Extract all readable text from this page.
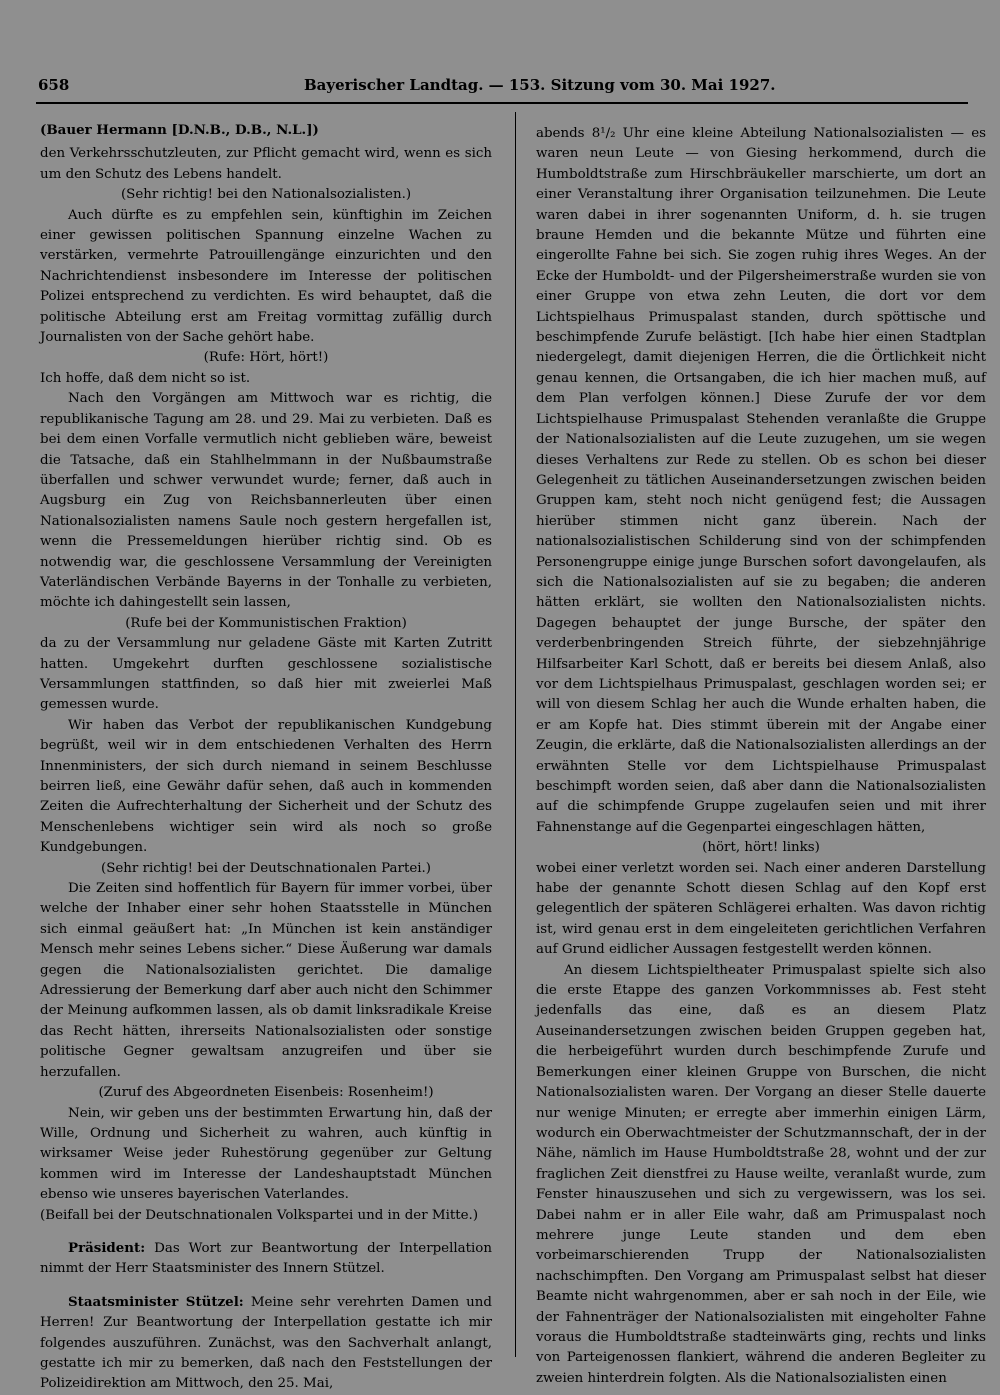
658	Bayerischer Landtag. — 153. Sitzung vom 30. Mai 1927.

(Bauer Hermann [D.N.B., D.B., N.L.])

den Verkehrsschutzleuten, zur Pflicht gemacht wird, wenn es sich um den Schutz des Lebens handelt.

(Sehr richtig! bei den Nationalsozialisten.)

Auch dürfte es zu empfehlen sein, künftighin im Zeichen einer gewissen politischen Spannung einzelne Wachen zu verstärken, vermehrte Patrouillengänge einzurichten und den Nachrichtendienst insbesondere im Interesse der politischen Polizei entsprechend zu verdichten. Es wird behauptet, daß die politische Abteilung erst am Freitag vormittag zufällig durch Journalisten von der Sache gehört habe.

(Rufe: Hört, hört!)

Ich hoffe, daß dem nicht so ist.

Nach den Vorgängen am Mittwoch war es richtig, die republikanische Tagung am 28. und 29. Mai zu verbieten. Daß es bei dem einen Vorfalle vermutlich nicht geblieben wäre, beweist die Tatsache, daß ein Stahlhelmmann in der Nußbaumstraße überfallen und schwer verwundet wurde; ferner, daß auch in Augsburg ein Zug von Reichsbannerleuten über einen Nationalsozialisten namens Saule noch gestern hergefallen ist, wenn die Pressemeldungen hierüber richtig sind. Ob es notwendig war, die geschlossene Versammlung der Vereinigten Vaterländischen Verbände Bayerns in der Tonhalle zu verbieten, möchte ich dahingestellt sein lassen,

(Rufe bei der Kommunistischen Fraktion)

da zu der Versammlung nur geladene Gäste mit Karten Zutritt hatten. Umgekehrt durften geschlossene sozialistische Versammlungen stattfinden, so daß hier mit zweierlei Maß gemessen wurde.

Wir haben das Verbot der republikanischen Kundgebung begrüßt, weil wir in dem entschiedenen Verhalten des Herrn Innenministers, der sich durch niemand in seinem Beschlusse beirren ließ, eine Gewähr dafür sehen, daß auch in kommenden Zeiten die Aufrechterhaltung der Sicherheit und der Schutz des Menschenlebens wichtiger sein wird als noch so große Kundgebungen.

(Sehr richtig! bei der Deutschnationalen Partei.)

Die Zeiten sind hoffentlich für Bayern für immer vorbei, über welche der Inhaber einer sehr hohen Staatsstelle in München sich einmal geäußert hat: „In München ist kein anständiger Mensch mehr seines Lebens sicher.“ Diese Äußerung war damals gegen die Nationalsozialisten gerichtet. Die damalige Adressierung der Bemerkung darf aber auch nicht den Schimmer der Meinung aufkommen lassen, als ob damit linksradikale Kreise das Recht hätten, ihrerseits Nationalsozialisten oder sonstige politische Gegner gewaltsam anzugreifen und über sie herzufallen.

(Zuruf des Abgeordneten Eisenbeis: Rosenheim!)

Nein, wir geben uns der bestimmten Erwartung hin, daß der Wille, Ordnung und Sicherheit zu wahren, auch künftig in wirksamer Weise jeder Ruhestörung gegenüber zur Geltung kommen wird im Interesse der Landeshauptstadt München ebenso wie unseres bayerischen Vaterlandes.

(Beifall bei der Deutschnationalen Volkspartei und in der Mitte.)

Präsident: Das Wort zur Beantwortung der Interpellation nimmt der Herr Staatsminister des Innern Stützel.

Staatsminister Stützel: Meine sehr verehrten Damen und Herren! Zur Beantwortung der Interpellation gestatte ich mir folgendes auszuführen. Zunächst, was den Sachverhalt anlangt, gestatte ich mir zu bemerken, daß nach den Feststellungen der Polizeidirektion am Mittwoch, den 25. Mai,

abends 8¹/₂ Uhr eine kleine Abteilung Nationalsozialisten — es waren neun Leute — von Giesing herkommend, durch die Humboldtstraße zum Hirschbräukeller marschierte, um dort an einer Veranstaltung ihrer Organisation teilzunehmen. Die Leute waren dabei in ihrer sogenannten Uniform, d. h. sie trugen braune Hemden und die bekannte Mütze und führten eine eingerollte Fahne bei sich. Sie zogen ruhig ihres Weges. An der Ecke der Humboldt- und der Pilgersheimerstraße wurden sie von einer Gruppe von etwa zehn Leuten, die dort vor dem Lichtspielhaus Primuspalast standen, durch spöttische und beschimpfende Zurufe belästigt. [Ich habe hier einen Stadtplan niedergelegt, damit diejenigen Herren, die die Örtlichkeit nicht genau kennen, die Ortsangaben, die ich hier machen muß, auf dem Plan verfolgen können.] Diese Zurufe der vor dem Lichtspielhause Primuspalast Stehenden veranlaßte die Gruppe der Nationalsozialisten auf die Leute zuzugehen, um sie wegen dieses Verhaltens zur Rede zu stellen. Ob es schon bei dieser Gelegenheit zu tätlichen Auseinandersetzungen zwischen beiden Gruppen kam, steht noch nicht genügend fest; die Aussagen hierüber stimmen nicht ganz überein. Nach der nationalsozialistischen Schilderung sind von der schimpfenden Personengruppe einige junge Burschen sofort davongelaufen, als sich die Nationalsozialisten auf sie zu begaben; die anderen hätten erklärt, sie wollten den Nationalsozialisten nichts. Dagegen behauptet der junge Bursche, der später den verderbenbringenden Streich führte, der siebzehnjährige Hilfsarbeiter Karl Schott, daß er bereits bei diesem Anlaß, also vor dem Lichtspielhaus Primuspalast, geschlagen worden sei; er will von diesem Schlag her auch die Wunde erhalten haben, die er am Kopfe hat. Dies stimmt überein mit der Angabe einer Zeugin, die erklärte, daß die Nationalsozialisten allerdings an der erwähnten Stelle vor dem Lichtspielhause Primuspalast beschimpft worden seien, daß aber dann die Nationalsozialisten auf die schimpfende Gruppe zugelaufen seien und mit ihrer Fahnenstange auf die Gegenpartei eingeschlagen hätten,

(hört, hört! links)

wobei einer verletzt worden sei. Nach einer anderen Darstellung habe der genannte Schott diesen Schlag auf den Kopf erst gelegentlich der späteren Schlägerei erhalten. Was davon richtig ist, wird genau erst in dem eingeleiteten gerichtlichen Verfahren auf Grund eidlicher Aussagen festgestellt werden können.

An diesem Lichtspieltheater Primuspalast spielte sich also die erste Etappe des ganzen Vorkommnisses ab. Fest steht jedenfalls das eine, daß es an diesem Platz Auseinandersetzungen zwischen beiden Gruppen gegeben hat, die herbeigeführt wurden durch beschimpfende Zurufe und Bemerkungen einer kleinen Gruppe von Burschen, die nicht Nationalsozialisten waren. Der Vorgang an dieser Stelle dauerte nur wenige Minuten; er erregte aber immerhin einigen Lärm, wodurch ein Oberwachtmeister der Schutzmannschaft, der in der Nähe, nämlich im Hause Humboldtstraße 28, wohnt und der zur fraglichen Zeit dienstfrei zu Hause weilte, veranlaßt wurde, zum Fenster hinauszusehen und sich zu vergewissern, was los sei. Dabei nahm er in aller Eile wahr, daß am Primuspalast noch mehrere junge Leute standen und dem eben vorbeimarschierenden Trupp der Nationalsozialisten nachschimpften. Den Vorgang am Primuspalast selbst hat dieser Beamte nicht wahrgenommen, aber er sah noch in der Eile, wie der Fahnenträger der Nationalsozialisten mit eingeholter Fahne voraus die Humboldtstraße stadteinwärts ging, rechts und links von Parteigenossen flankiert, während die anderen Begleiter zu zweien hinterdrein folgten. Als die Nationalsozialisten einen
